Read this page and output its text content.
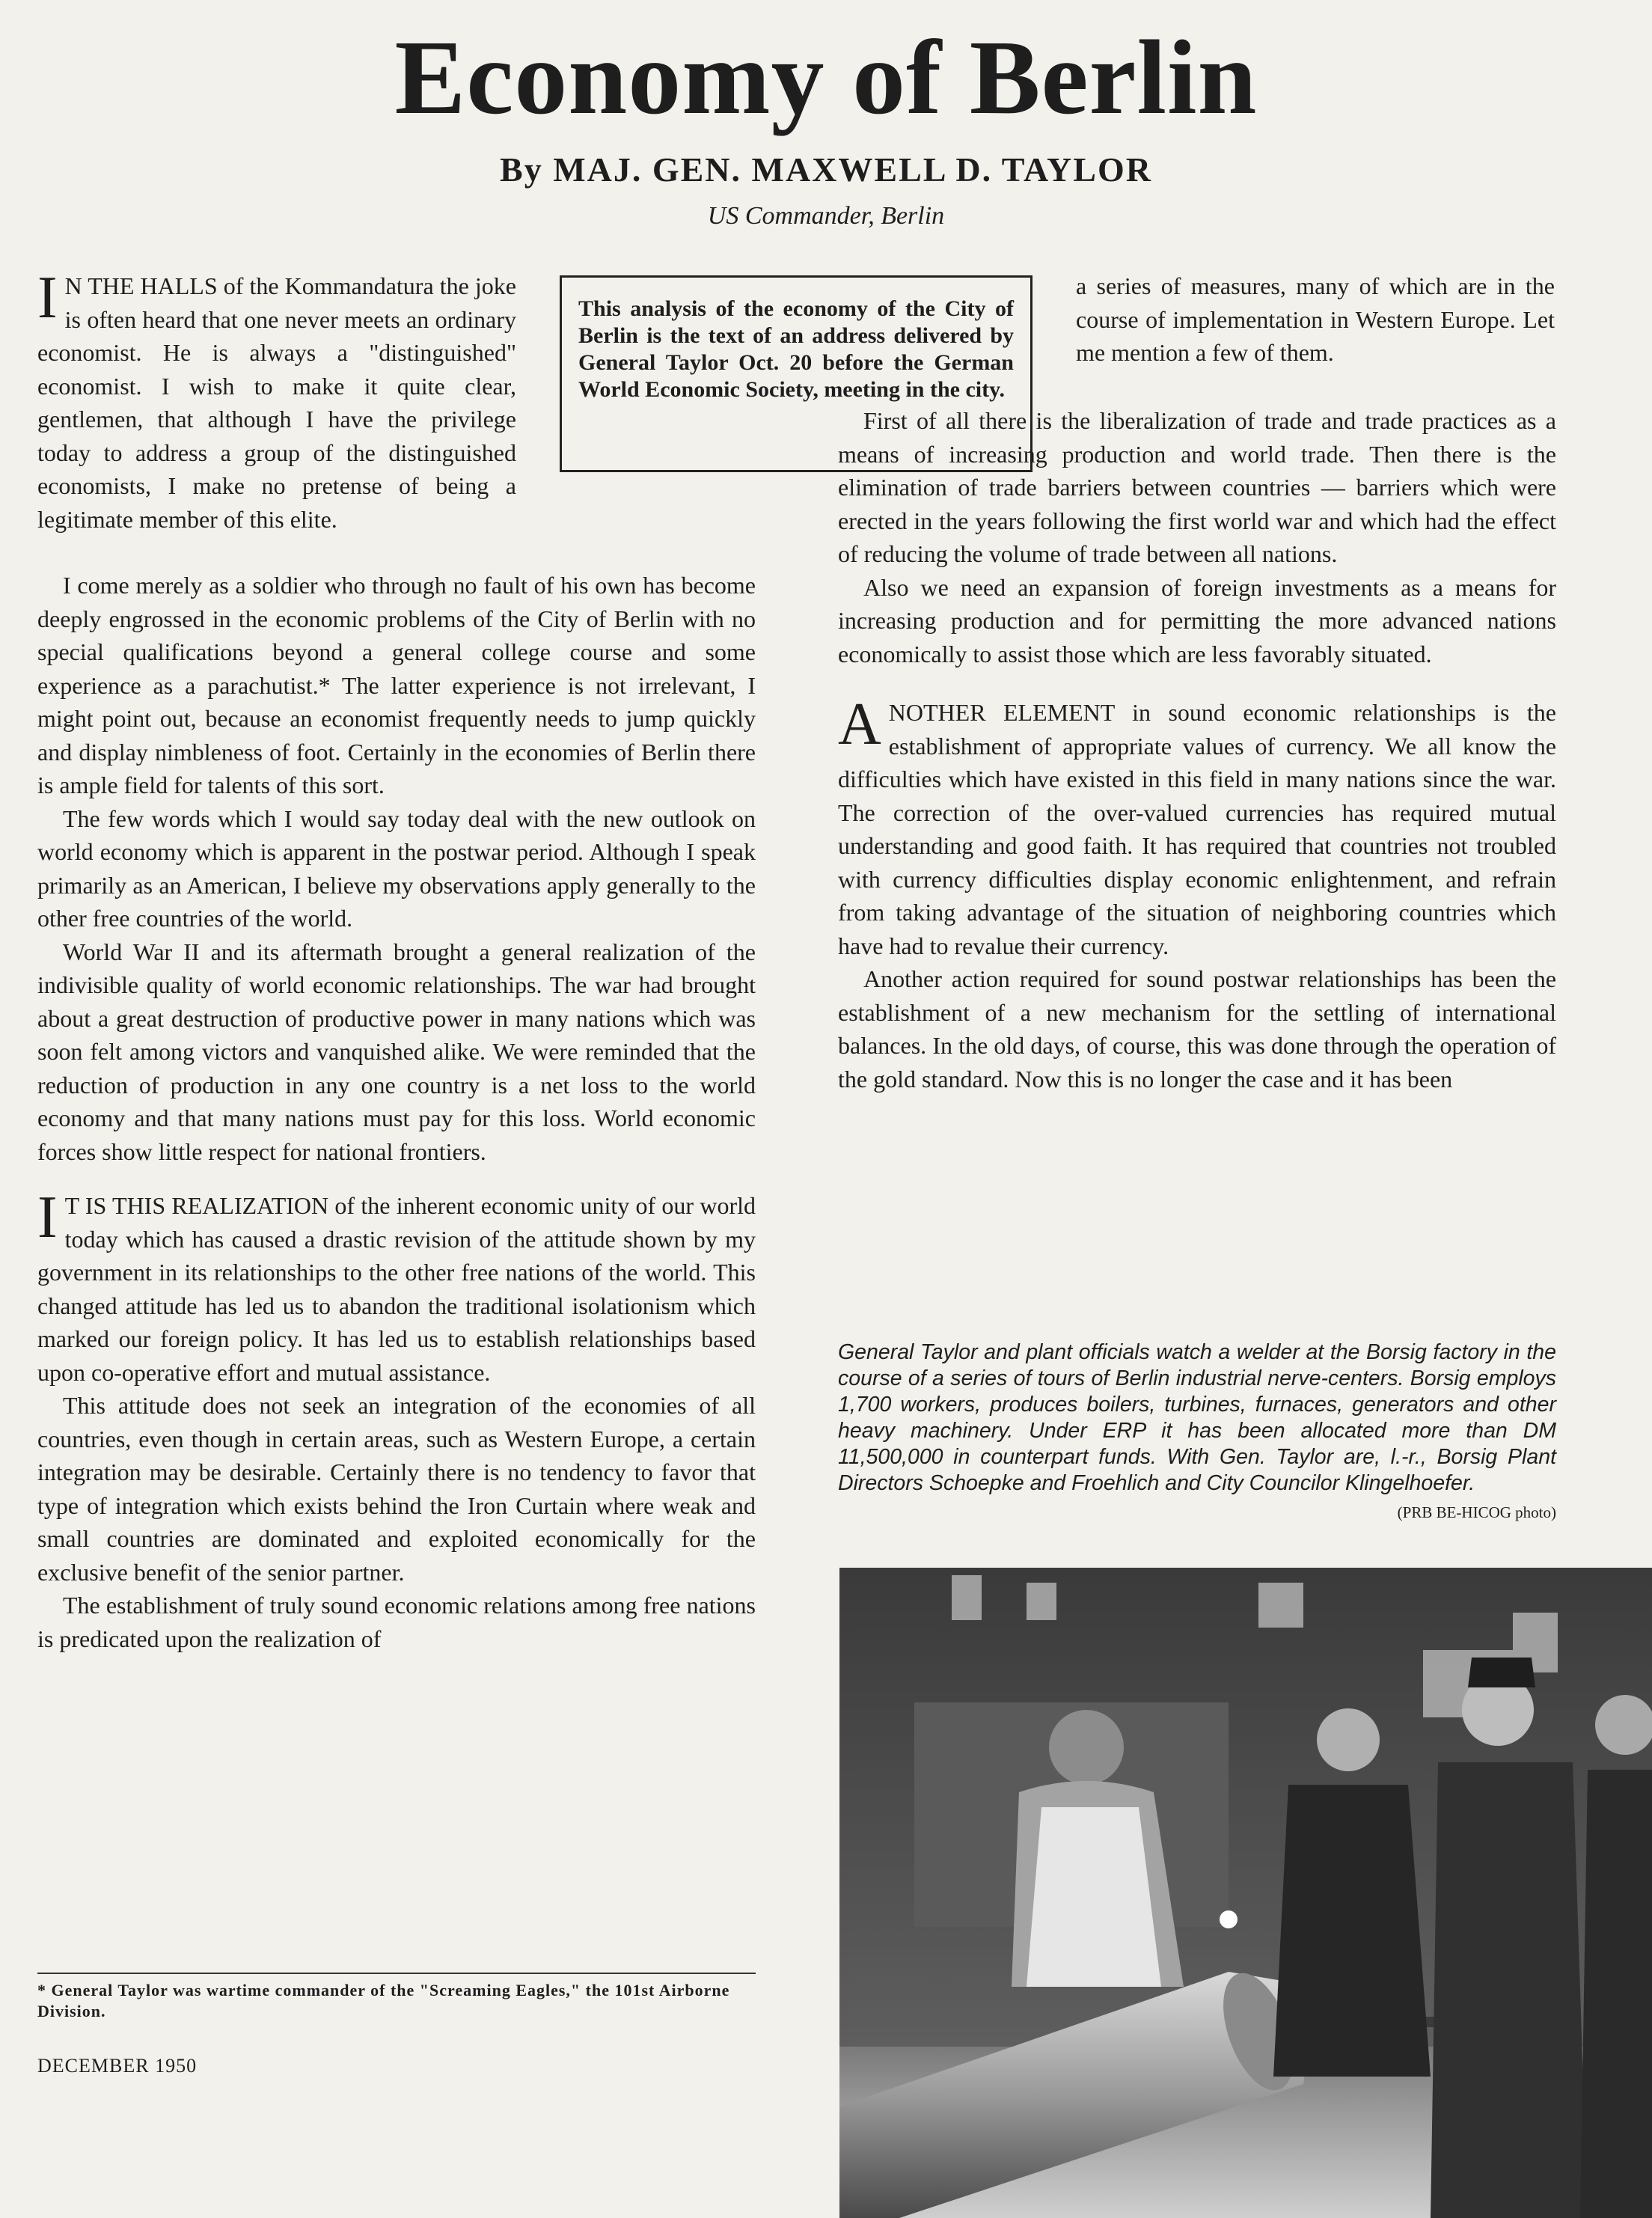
Economy of Berlin
By MAJ. GEN. MAXWELL D. TAYLOR
US Commander, Berlin
This analysis of the economy of the City of Berlin is the text of an address delivered by General Taylor Oct. 20 before the German World Economic Society, meeting in the city.

I N THE HALLS of the Kommandatura the joke is often heard that one never meets an ordinary economist. He is always a "distinguished" economist. I wish to make it quite clear, gentlemen, that although I have the privilege today to address a group of the distinguished economists, I make no pretense of being a legitimate member of this elite.

I come merely as a soldier who through no fault of his own has become deeply engrossed in the economic problems of the City of Berlin with no special qualifications beyond a general college course and some experience as a parachutist.* The latter experience is not irrelevant, I might point out, because an economist frequently needs to jump quickly and display nimbleness of foot. Certainly in the economies of Berlin there is ample field for talents of this sort.

The few words which I would say today deal with the new outlook on world economy which is apparent in the postwar period. Although I speak primarily as an American, I believe my observations apply generally to the other free countries of the world.

World War II and its aftermath brought a general realization of the indivisible quality of world economic relationships. The war had brought about a great destruction of productive power in many nations which was soon felt among victors and vanquished alike. We were reminded that the reduction of production in any one country is a net loss to the world economy and that many nations must pay for this loss. World economic forces show little respect for national frontiers.

I T IS THIS REALIZATION of the inherent economic unity of our world today which has caused a drastic revision of the attitude shown by my government in its relationships to the other free nations of the world. This changed attitude has led us to abandon the traditional isolationism which marked our foreign policy. It has led us to establish relationships based upon co-operative effort and mutual assistance.

This attitude does not seek an integration of the economies of all countries, even though in certain areas, such as Western Europe, a certain integration may be desirable. Certainly there is no tendency to favor that type of integration which exists behind the Iron Curtain where weak and small countries are dominated and exploited economically for the exclusive benefit of the senior partner.

The establishment of truly sound economic relations among free nations is predicated upon the realization of

a series of measures, many of which are in the course of implementation in Western Europe. Let me mention a few of them.

First of all there is the liberalization of trade and trade practices as a means of increasing production and world trade. Then there is the elimination of trade barriers between countries — barriers which were erected in the years following the first world war and which had the effect of reducing the volume of trade between all nations.

Also we need an expansion of foreign investments as a means for increasing production and for permitting the more advanced nations economically to assist those which are less favorably situated.

ANOTHER ELEMENT in sound economic relationships is the establishment of appropriate values of currency. We all know the difficulties which have existed in this field in many nations since the war. The correction of the over-valued currencies has required mutual understanding and good faith. It has required that countries not troubled with currency difficulties display economic enlightenment, and refrain from taking advantage of the situation of neighboring countries which have had to revalue their currency.

Another action required for sound postwar relationships has been the establishment of a new mechanism for the settling of international balances. In the old days, of course, this was done through the operation of the gold standard. Now this is no longer the case and it has been

General Taylor and plant officials watch a welder at the Borsig factory in the course of a series of tours of Berlin industrial nerve-centers. Borsig employs 1,700 workers, produces boilers, turbines, furnaces, generators and other heavy machinery. Under ERP it has been allocated more than DM 11,500,000 in counterpart funds. With Gen. Taylor are, l.-r., Borsig Plant Directors Schoepke and Froehlich and City Councilor Klingelhoefer.
(PRB BE-HICOG photo)
* General Taylor was wartime commander of the "Screaming Eagles," the 101st Airborne Division.
DECEMBER 1950
